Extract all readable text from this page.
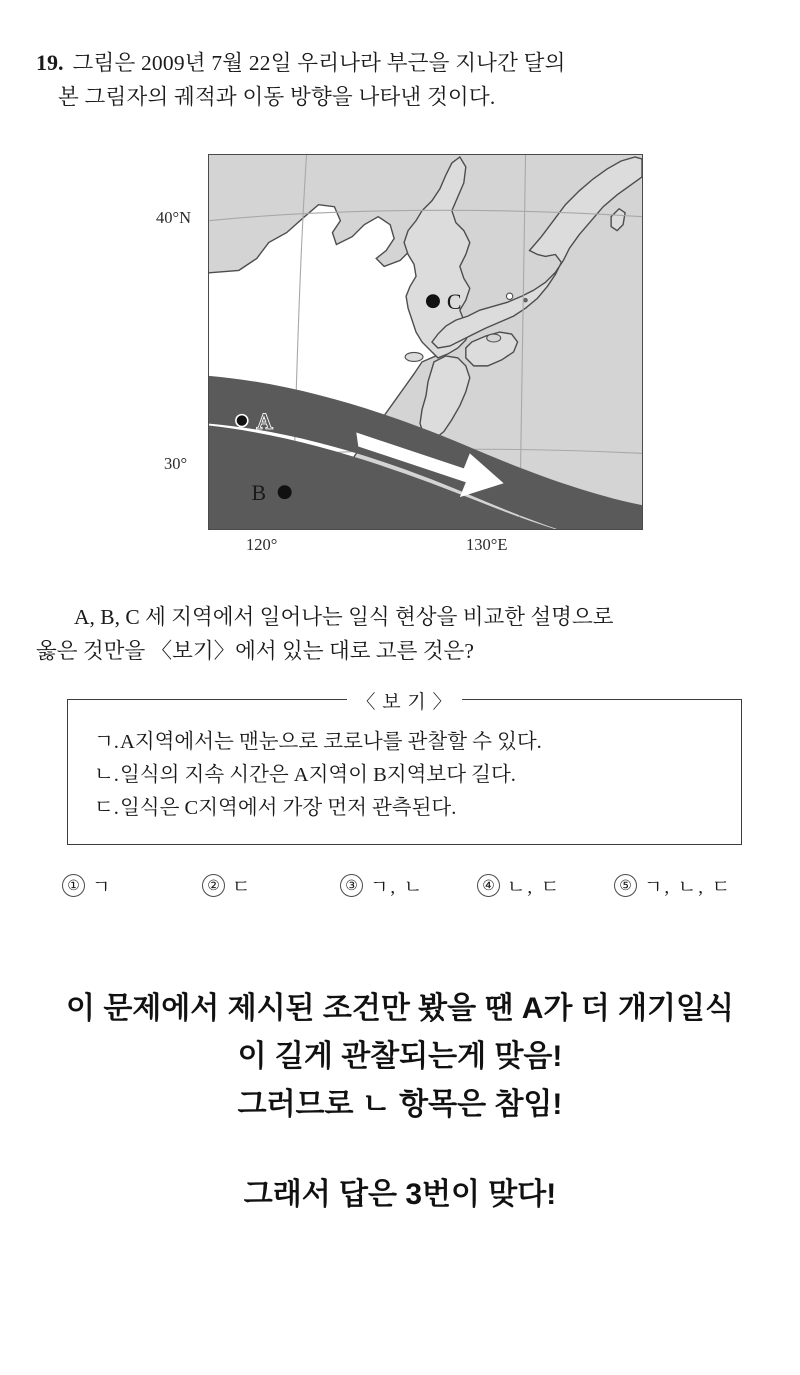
19. 그림은 2009년 7월 22일 우리나라 부근을 지나간 달의
본 그림자의 궤적과 이동 방향을 나타낸 것이다.
40°N
30°
120°	130°E
A
B
C
A, B, C 세 지역에서 일어나는 일식 현상을 비교한 설명으로
옳은 것만을 〈보기〉에서 있는 대로 고른 것은?
〈 보 기 〉
ㄱ.A지역에서는 맨눈으로 코로나를 관찰할 수 있다.
ㄴ.일식의 지속 시간은 A지역이 B지역보다 길다.
ㄷ.일식은 C지역에서 가장 먼저 관측된다.
① ㄱ	② ㄷ	③ ㄱ, ㄴ	④ ㄴ, ㄷ	⑤ ㄱ, ㄴ, ㄷ
이 문제에서 제시된 조건만 봤을 땐 A가 더 개기일식
이 길게 관찰되는게 맞음!
그러므로 ㄴ 항목은 참임!

그래서 답은 3번이 맞다!
